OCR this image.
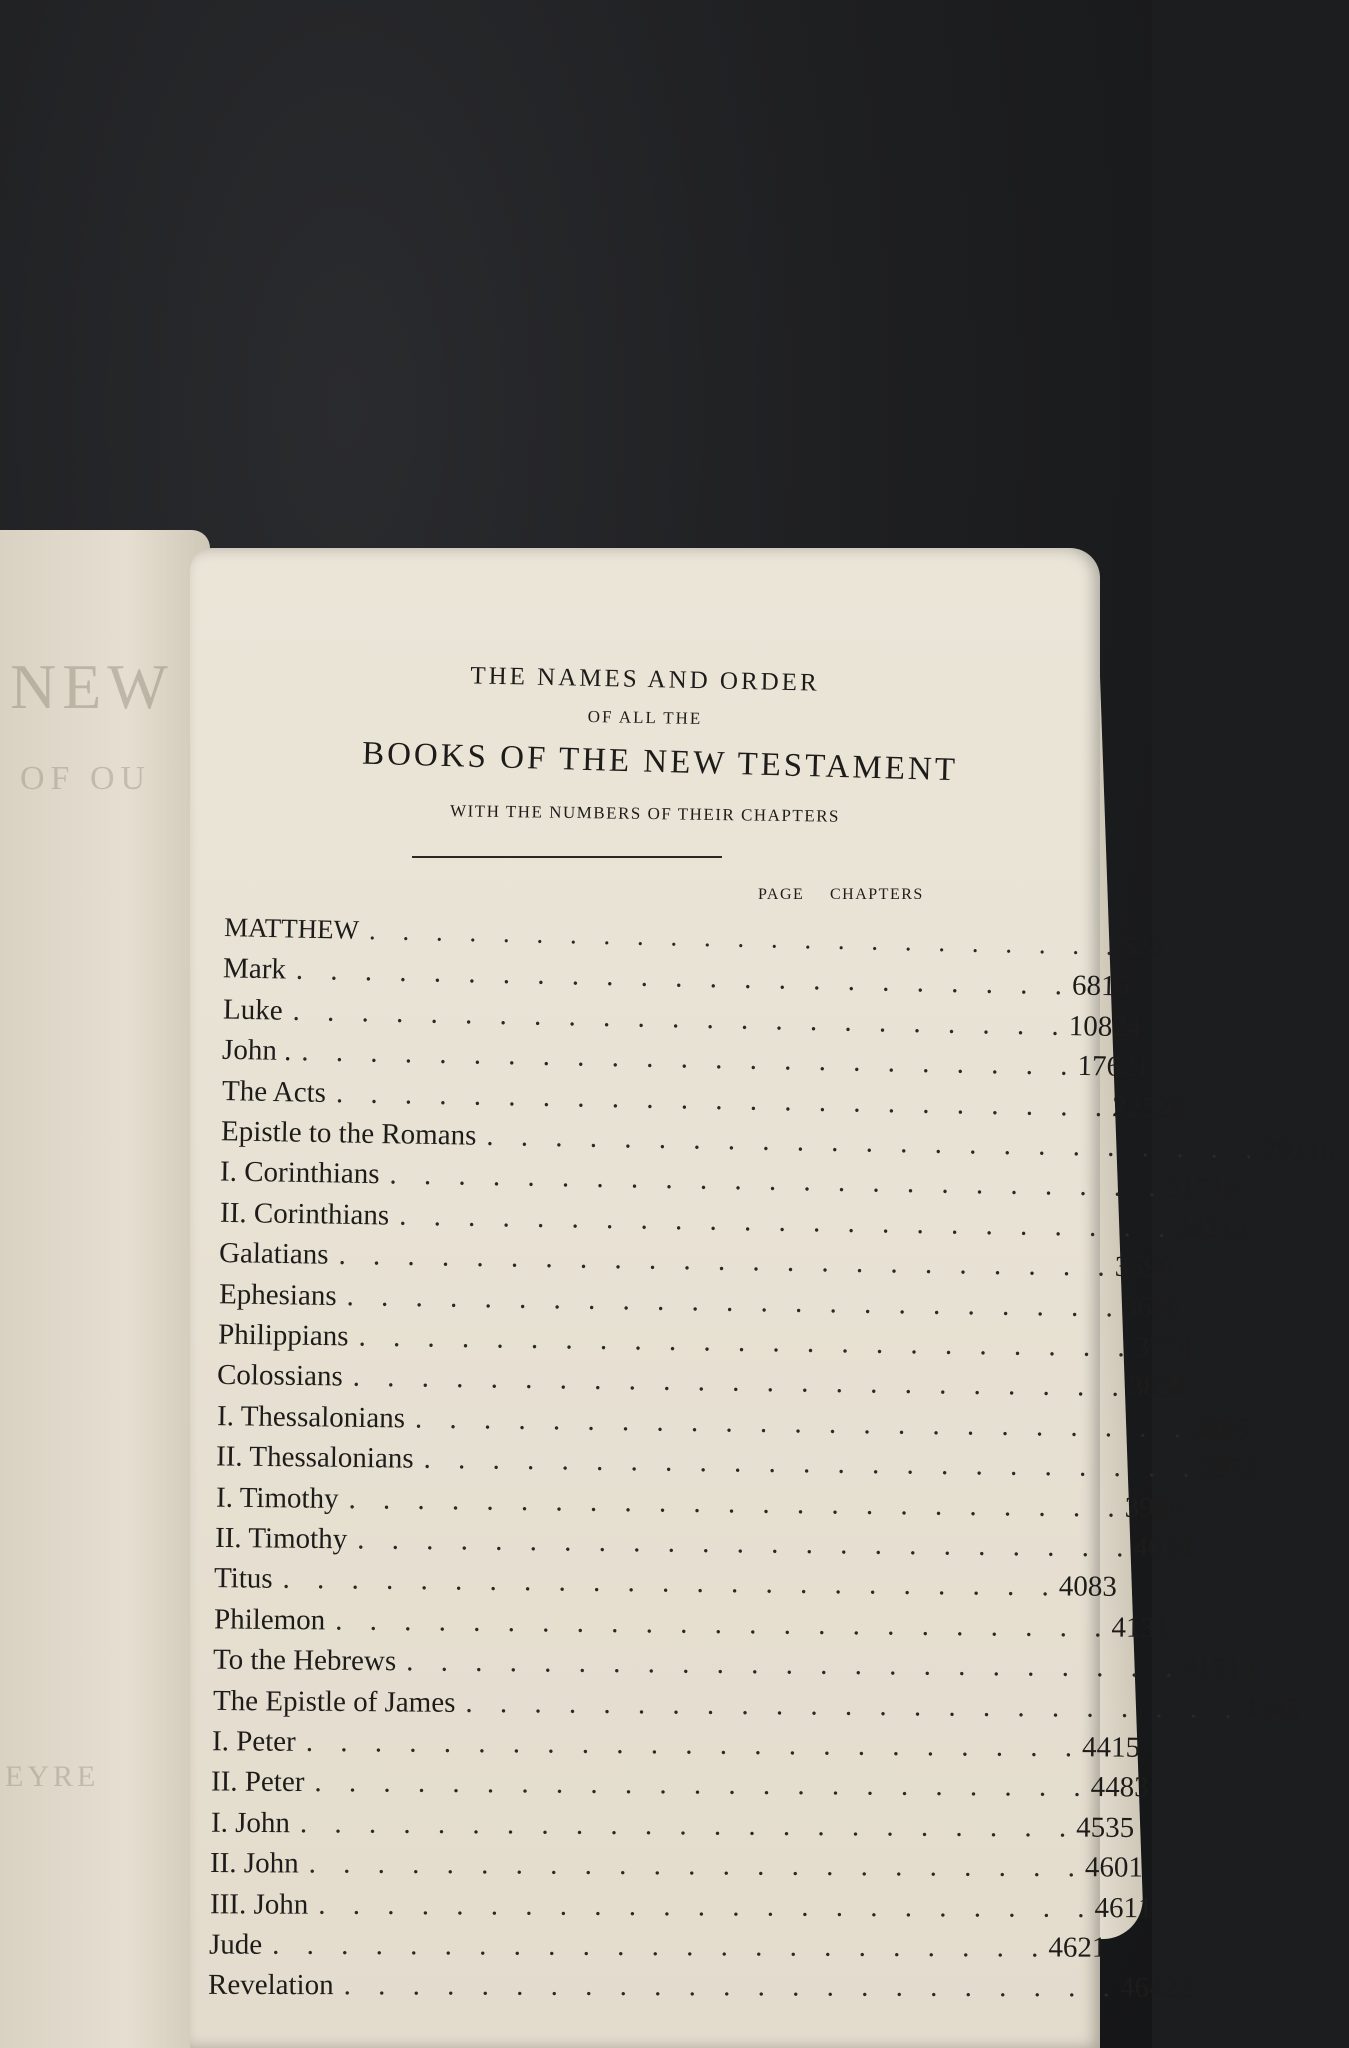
NEW
OF OU
EYRE
THE NAMES AND ORDER
OF ALL THE
BOOKS OF THE NEW TESTAMENT
WITH THE NUMBERS OF THEIR CHAPTERS
PAGE CHAPTERS
MATTHEW . . . . . . . . . . . . . . . . . . . . . . . 5 28
Mark . . . . . . . . . . . . . . . . . . . . . . . 68 16
Luke . . . . . . . . . . . . . . . . . . . . . . . 108 24
John . . . . . . . . . . . . . . . . . . . . . . . . 176 21
The Acts . . . . . . . . . . . . . . . . . . . . . . . 225 28
Epistle to the Romans . . . . . . . . . . . . . . . . . . . . . . . 291 16
I. Corinthians . . . . . . . . . . . . . . . . . . . . . . . 317 16
II. Corinthians . . . . . . . . . . . . . . . . . . . . . . . 342 13
Galatians . . . . . . . . . . . . . . . . . . . . . . . 359 6
Ephesians . . . . . . . . . . . . . . . . . . . . . . . 368 6
Philippians . . . . . . . . . . . . . . . . . . . . . . . 377 4
Colossians . . . . . . . . . . . . . . . . . . . . . . . 383 4
I. Thessalonians . . . . . . . . . . . . . . . . . . . . . . . 389 5
II. Thessalonians . . . . . . . . . . . . . . . . . . . . . . . 395 3
I. Timothy . . . . . . . . . . . . . . . . . . . . . . . 398 6
II. Timothy . . . . . . . . . . . . . . . . . . . . . . . 403 4
Titus . . . . . . . . . . . . . . . . . . . . . . . 408 3
Philemon . . . . . . . . . . . . . . . . . . . . . . . 413 1
To the Hebrews . . . . . . . . . . . . . . . . . . . . . . . 415 13
The Epistle of James . . . . . . . . . . . . . . . . . . . . . . . 434 5
I. Peter . . . . . . . . . . . . . . . . . . . . . . . 441 5
II. Peter . . . . . . . . . . . . . . . . . . . . . . . 448 3
I. John . . . . . . . . . . . . . . . . . . . . . . . 453 5
II. John . . . . . . . . . . . . . . . . . . . . . . . 460 1
III. John . . . . . . . . . . . . . . . . . . . . . . . 461 1
Jude . . . . . . . . . . . . . . . . . . . . . . . 462 1
Revelation . . . . . . . . . . . . . . . . . . . . . . . 464 22
